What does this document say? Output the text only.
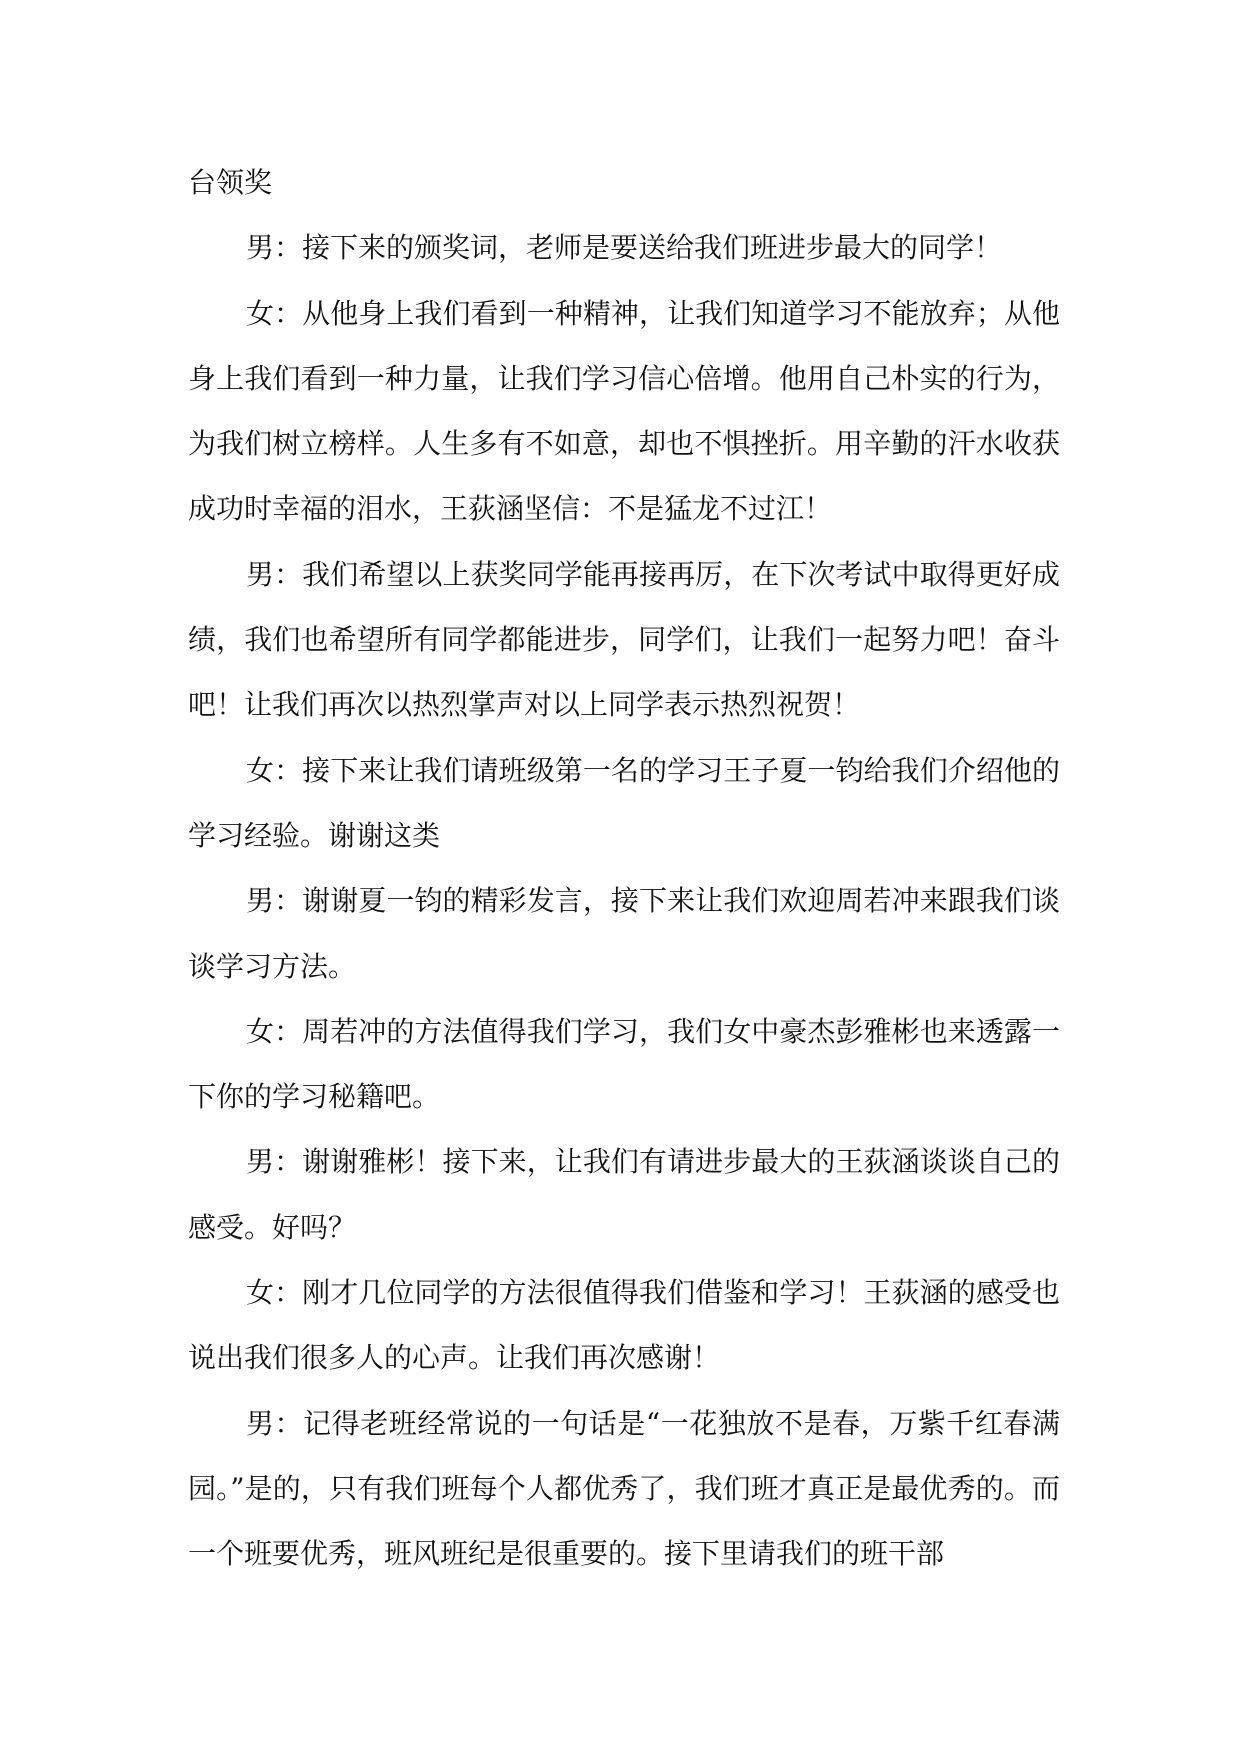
台领奖

男：接下来的颁奖词，老师是要送给我们班进步最大的同学！

女：从他身上我们看到一种精神，让我们知道学习不能放弃；从他身上我们看到一种力量，让我们学习信心倍增。他用自己朴实的行为，为我们树立榜样。人生多有不如意，却也不惧挫折。用辛勤的汗水收获成功时幸福的泪水，王荻涵坚信：不是猛龙不过江！

男：我们希望以上获奖同学能再接再厉，在下次考试中取得更好成绩，我们也希望所有同学都能进步，同学们，让我们一起努力吧！奋斗吧！让我们再次以热烈掌声对以上同学表示热烈祝贺！

女：接下来让我们请班级第一名的学习王子夏一钧给我们介绍他的学习经验。谢谢这类

男：谢谢夏一钧的精彩发言，接下来让我们欢迎周若冲来跟我们谈谈学习方法。

女：周若冲的方法值得我们学习，我们女中豪杰彭雅彬也来透露一下你的学习秘籍吧。

男：谢谢雅彬！接下来，让我们有请进步最大的王荻涵谈谈自己的感受。好吗？

女：刚才几位同学的方法很值得我们借鉴和学习！王荻涵的感受也说出我们很多人的心声。让我们再次感谢！

男：记得老班经常说的一句话是“一花独放不是春，万紫千红春满园。”是的，只有我们班每个人都优秀了，我们班才真正是最优秀的。而一个班要优秀，班风班纪是很重要的。接下里请我们的班干部
